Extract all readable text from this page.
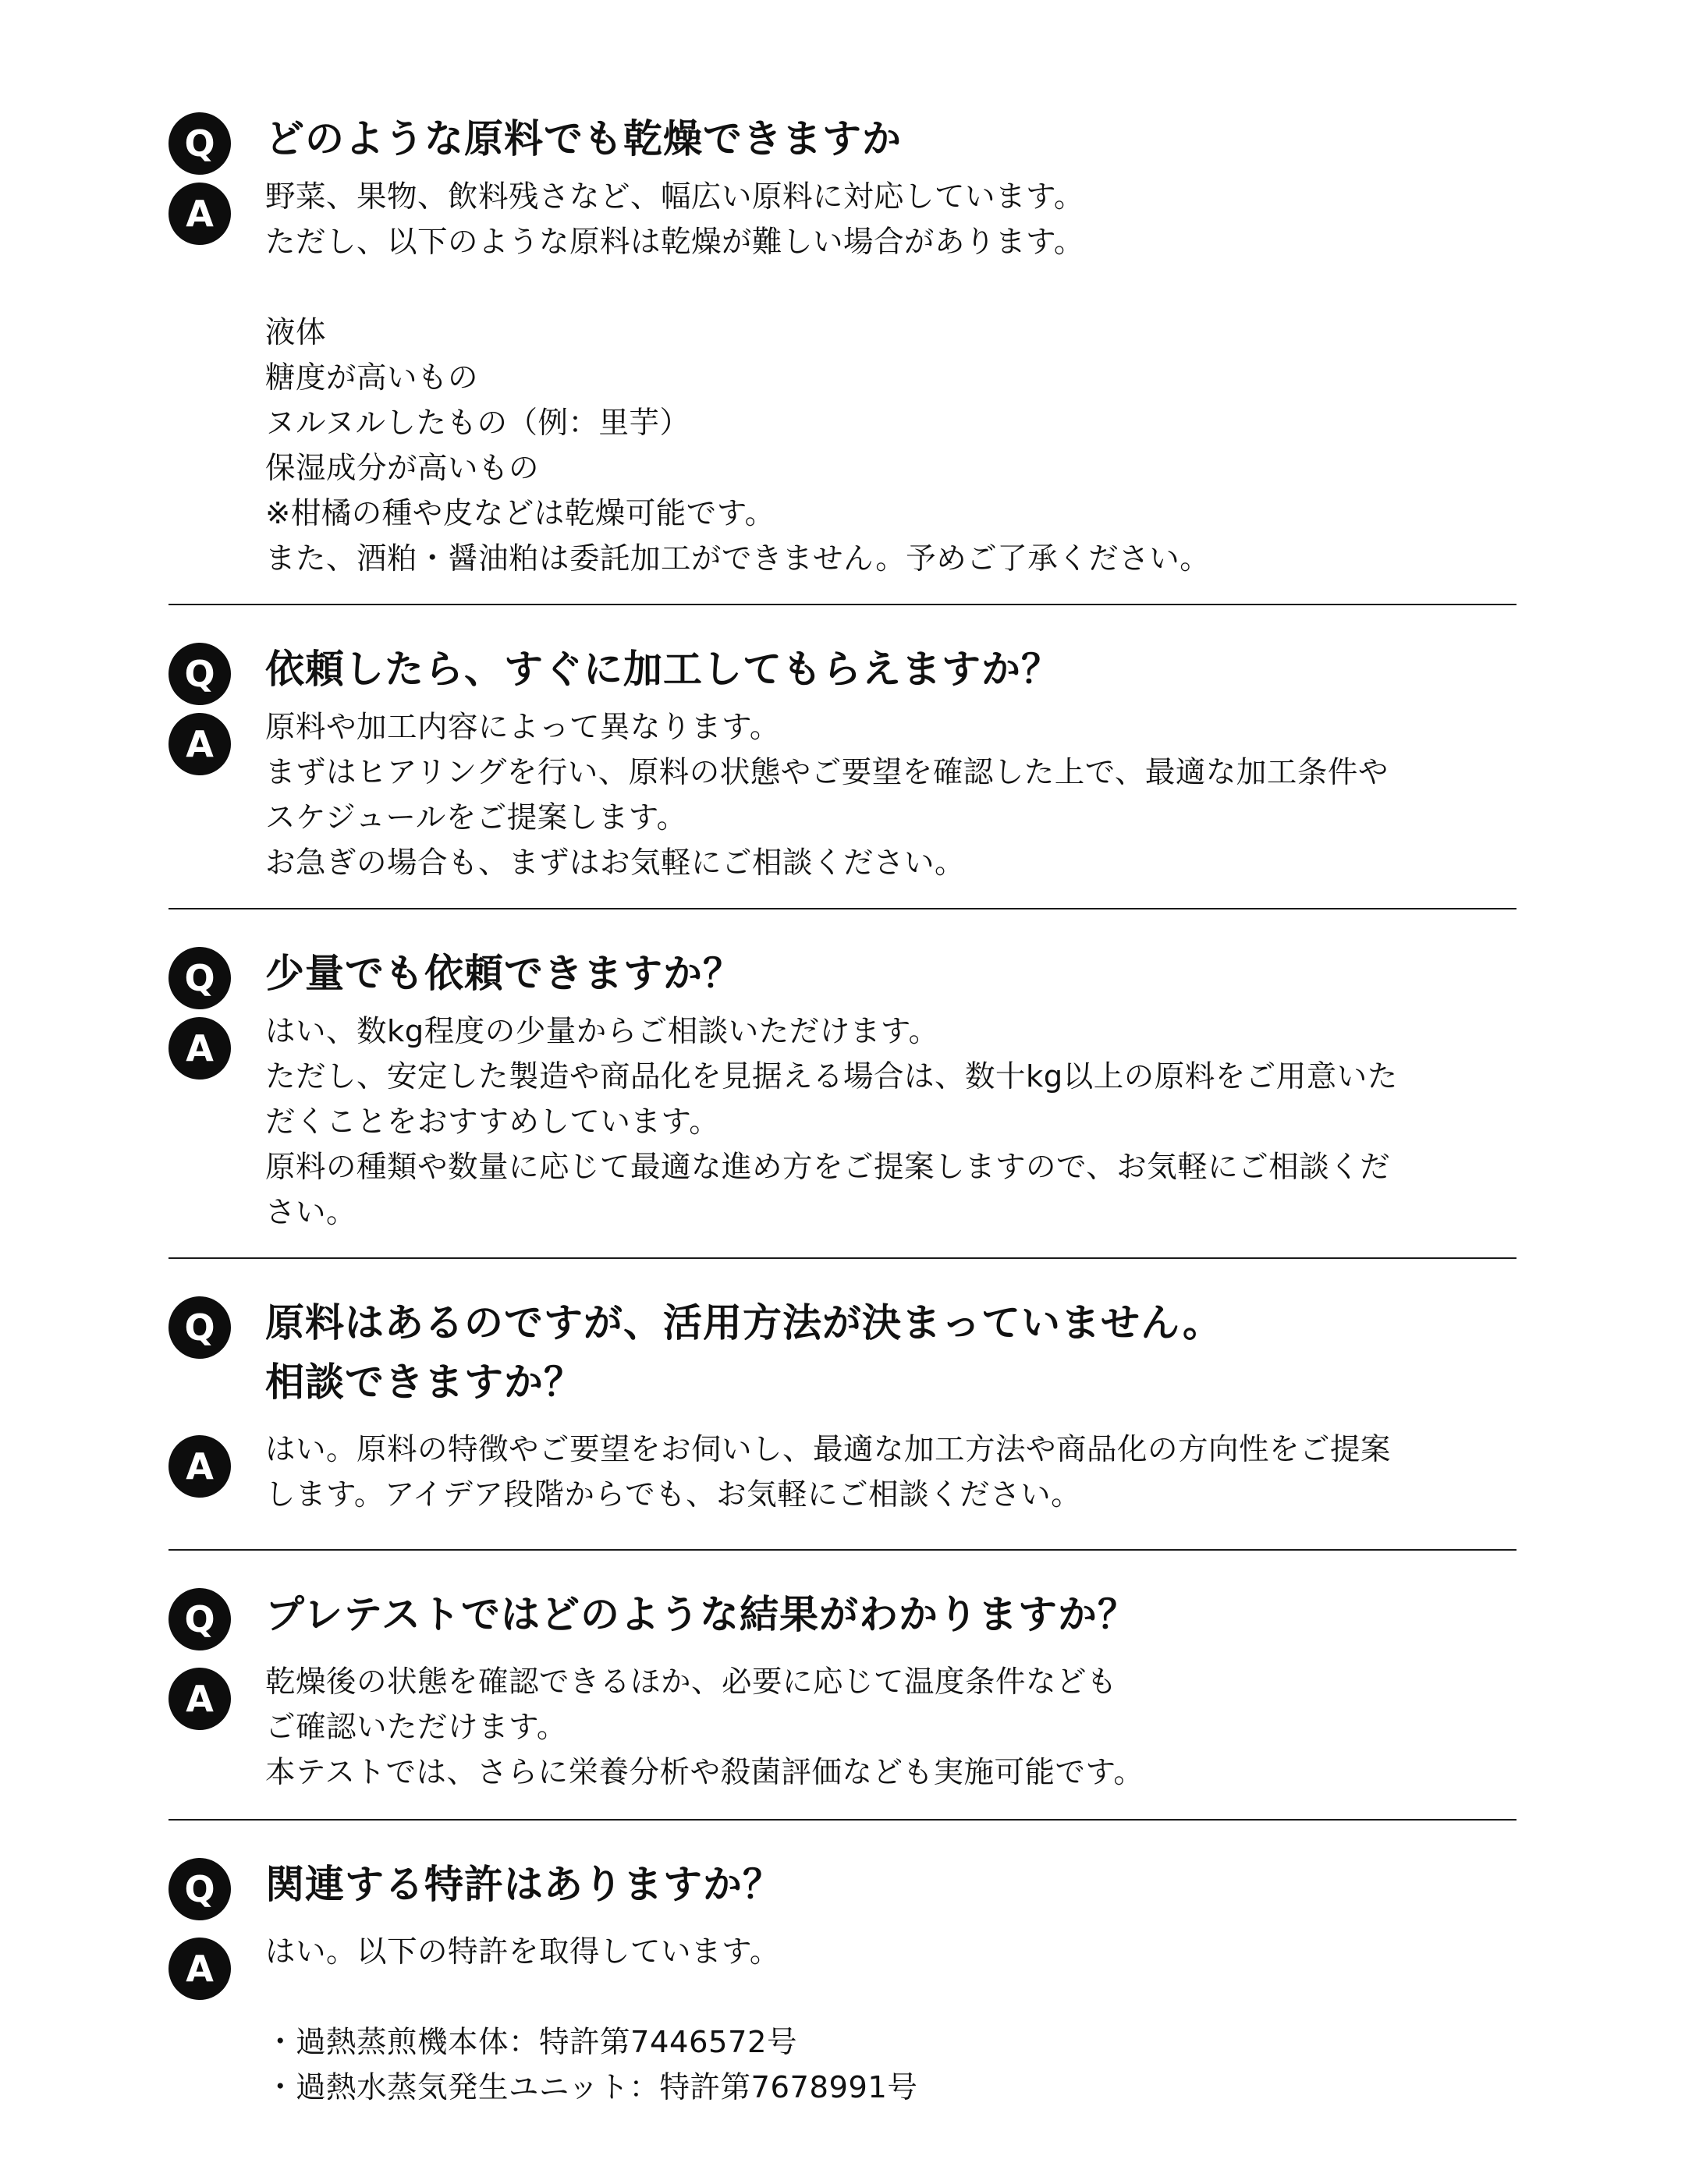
Q	どのような原料でも乾燥できますか
A	野菜、果物、飲料残さなど、幅広い原料に対応しています。
ただし、以下のような原料は乾燥が難しい場合があります。

液体
糖度が高いもの
ヌルヌルしたもの（例：里芋）
保湿成分が高いもの
※柑橘の種や皮などは乾燥可能です。
また、酒粕・醤油粕は委託加工ができません。予めご了承ください。

Q	依頼したら、すぐに加工してもらえますか？
A	原料や加工内容によって異なります。
まずはヒアリングを行い、原料の状態やご要望を確認した上で、最適な加工条件や
スケジュールをご提案します。
お急ぎの場合も、まずはお気軽にご相談ください。

Q	少量でも依頼できますか？
A	はい、数kg程度の少量からご相談いただけます。
ただし、安定した製造や商品化を見据える場合は、数十kg以上の原料をご用意いた
だくことをおすすめしています。
原料の種類や数量に応じて最適な進め方をご提案しますので、お気軽にご相談くだ
さい。

Q	原料はあるのですが、活用方法が決まっていません。
相談できますか？
A	はい。原料の特徴やご要望をお伺いし、最適な加工方法や商品化の方向性をご提案
します。アイデア段階からでも、お気軽にご相談ください。

Q	プレテストではどのような結果がわかりますか？
A	乾燥後の状態を確認できるほか、必要に応じて温度条件なども
ご確認いただけます。
本テストでは、さらに栄養分析や殺菌評価なども実施可能です。

Q	関連する特許はありますか？
A	はい。以下の特許を取得しています。

・過熱蒸煎機本体：特許第7446572号
・過熱水蒸気発生ユニット：特許第7678991号
